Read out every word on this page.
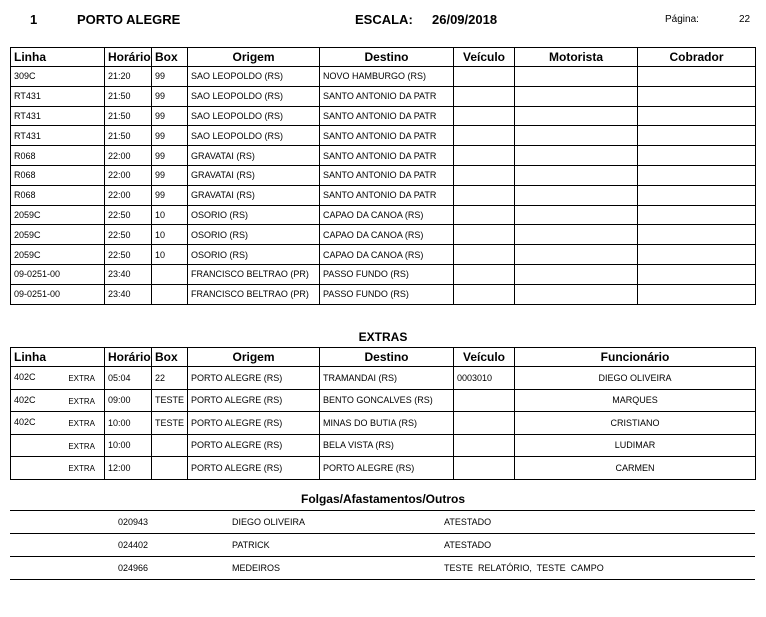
1	PORTO ALEGRE	ESCALA: 26/09/2018	Página:	22
Linha	Horário	Box	Origem	Destino	Veículo	Motorista	Cobrador
309C	21:20	99	SAO LEOPOLDO (RS)	NOVO HAMBURGO (RS)			
RT431	21:50	99	SAO LEOPOLDO (RS)	SANTO ANTONIO DA PATR			
RT431	21:50	99	SAO LEOPOLDO (RS)	SANTO ANTONIO DA PATR			
RT431	21:50	99	SAO LEOPOLDO (RS)	SANTO ANTONIO DA PATR			
R068	22:00	99	GRAVATAI (RS)	SANTO ANTONIO DA PATR			
R068	22:00	99	GRAVATAI (RS)	SANTO ANTONIO DA PATR			
R068	22:00	99	GRAVATAI (RS)	SANTO ANTONIO DA PATR			
2059C	22:50	10	OSORIO (RS)	CAPAO DA CANOA (RS)			
2059C	22:50	10	OSORIO (RS)	CAPAO DA CANOA (RS)			
2059C	22:50	10	OSORIO (RS)	CAPAO DA CANOA (RS)			
09-0251-00	23:40		FRANCISCO BELTRAO (PR)	PASSO FUNDO (RS)			
09-0251-00	23:40		FRANCISCO BELTRAO (PR)	PASSO FUNDO (RS)			
EXTRAS
Linha	Horário	Box	Origem	Destino	Veículo	Funcionário
402C EXTRA	05:04	22	PORTO ALEGRE (RS)	TRAMANDAI (RS)	0003010	DIEGO OLIVEIRA
402C EXTRA	09:00	TESTE	PORTO ALEGRE (RS)	BENTO GONCALVES (RS)		MARQUES
402C EXTRA	10:00	TESTE	PORTO ALEGRE (RS)	MINAS DO BUTIA (RS)		CRISTIANO

EXTRA	10:00		PORTO ALEGRE (RS)	BELA VISTA (RS)		LUDIMAR

EXTRA	12:00		PORTO ALEGRE (RS)	PORTO ALEGRE (RS)		CARMEN
Folgas/Afastamentos/Outros
020943	DIEGO OLIVEIRA	ATESTADO
024402	PATRICK	ATESTADO
024966	MEDEIROS	TESTE  RELATÓRIO,  TESTE  CAMPO
